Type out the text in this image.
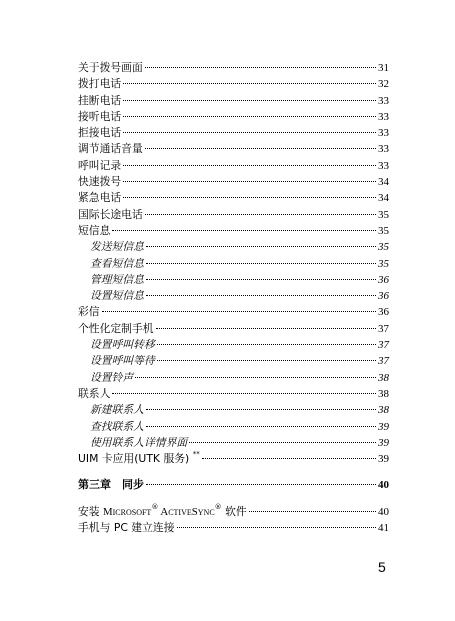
关于拨号画面	31
拨打电话	32
挂断电话	33
接听电话	33
拒接电话	33
调节通话音量	33
呼叫记录	33
快速拨号	34
紧急电话	34
国际长途电话	35
短信息	35
发送短信息	35
查看短信息	35
管理短信息	36
设置短信息	36
彩信	36
个性化定制手机	37
设置呼叫转移	37
设置呼叫等待	37
设置铃声	38
联系人	38
新建联系人	38
查找联系人	39
使用联系人详情界面	39
UIM 卡应用(UTK 服务) **	39
第三章　同步	40
安装 Microsoft® ActiveSync® 软件	40
手机与 PC 建立连接	41
5
